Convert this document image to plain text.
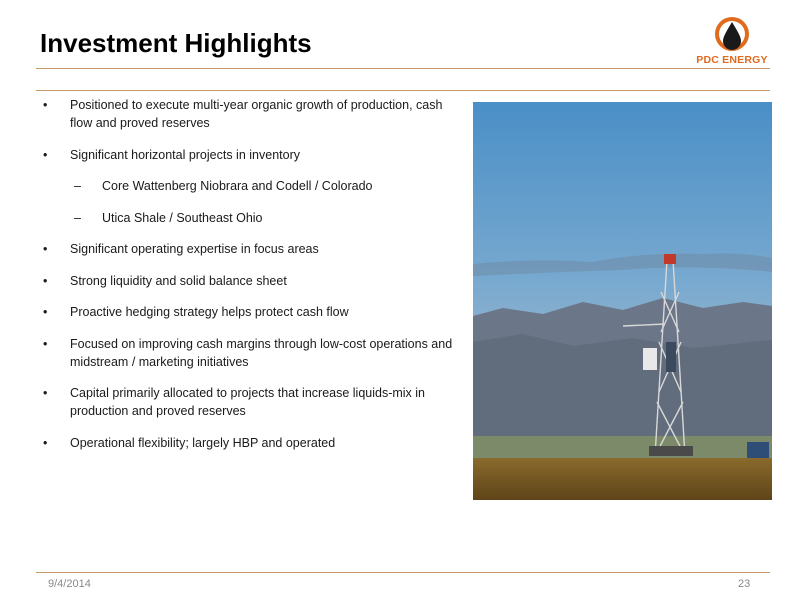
Investment Highlights
PDC ENERGY
• Positioned to execute multi-year organic growth of production, cash flow and proved reserves
• Significant horizontal projects in inventory
– Core Wattenberg Niobrara and Codell / Colorado
– Utica Shale / Southeast Ohio
• Significant operating expertise in focus areas
• Strong liquidity and solid balance sheet
• Proactive hedging strategy helps protect cash flow
• Focused on improving cash margins through low-cost operations and midstream / marketing initiatives
• Capital primarily allocated to projects that increase liquids-mix in production and proved reserves
• Operational flexibility; largely HBP and operated
9/4/2014	23
